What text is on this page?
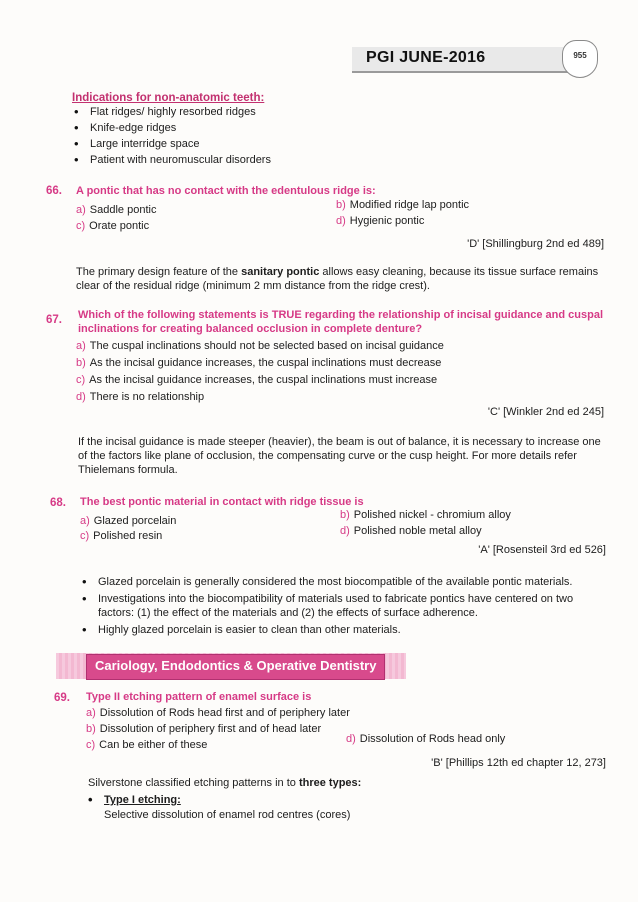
PGI JUNE-2016	955
Indications for non-anatomic teeth:
• Flat ridges/ highly resorbed ridges
• Knife-edge ridges
• Large interridge space
• Patient with neuromuscular disorders
66. A pontic that has no contact with the edentulous ridge is:
a) Saddle pontic	b) Modified ridge lap pontic
c) Orate pontic	d) Hygienic pontic
'D' [Shillingburg 2nd ed 489]
The primary design feature of the sanitary pontic allows easy cleaning, because its tissue surface remains clear of the residual ridge (minimum 2 mm distance from the ridge crest).
67. Which of the following statements is TRUE regarding the relationship of incisal guidance and cuspal
inclinations for creating balanced occlusion in complete denture?
a) The cuspal inclinations should not be selected based on incisal guidance
b) As the incisal guidance increases, the cuspal inclinations must decrease
c) As the incisal guidance increases, the cuspal inclinations must increase
d) There is no relationship
'C' [Winkler 2nd ed 245]
If the incisal guidance is made steeper (heavier), the beam is out of balance, it is necessary to increase one of the factors like plane of occlusion, the compensating curve or the cusp height. For more details refer Thielemans formula.
68. The best pontic material in contact with ridge tissue is
a) Glazed porcelain	b) Polished nickel - chromium alloy
c) Polished resin	d) Polished noble metal alloy
'A' [Rosensteil 3rd ed 526]
• Glazed porcelain is generally considered the most biocompatible of the available pontic materials.
• Investigations into the biocompatibility of materials used to fabricate pontics have centered on two factors: (1) the effect of the materials and (2) the effects of surface adherence.
• Highly glazed porcelain is easier to clean than other materials.
Cariology, Endodontics & Operative Dentistry
69. Type II etching pattern of enamel surface is
a) Dissolution of Rods head first and of periphery later
b) Dissolution of periphery first and of head later
c) Can be either of these	d) Dissolution of Rods head only
'B' [Phillips 12th ed chapter 12, 273]
Silverstone classified etching patterns in to three types:
• Type I etching:
Selective dissolution of enamel rod centres (cores)
